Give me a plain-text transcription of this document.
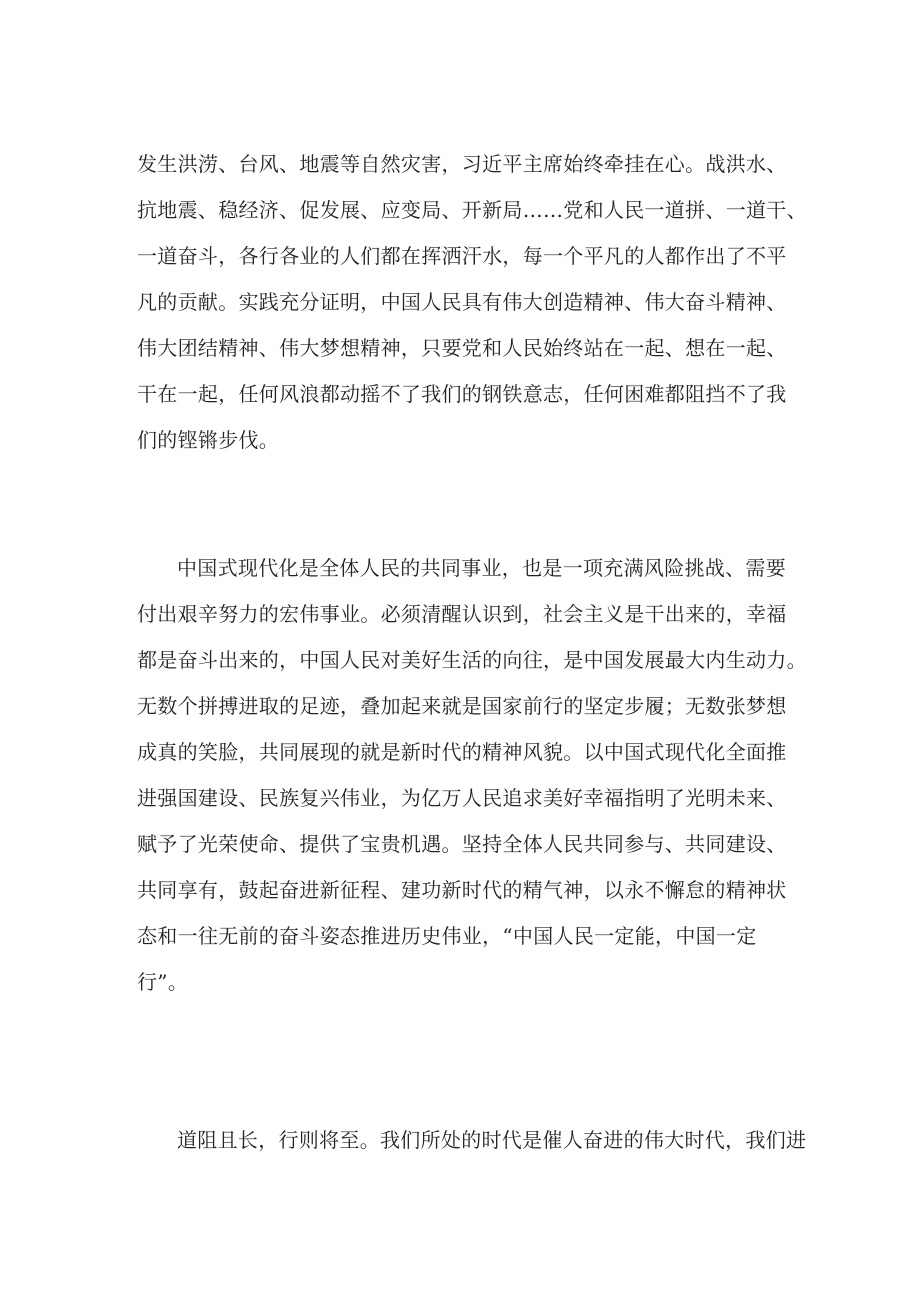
发生洪涝、台风、地震等自然灾害，习近平主席始终牵挂在心。战洪水、
抗地震、稳经济、促发展、应变局、开新局……党和人民一道拼、一道干、
一道奋斗，各行各业的人们都在挥洒汗水，每一个平凡的人都作出了不平
凡的贡献。实践充分证明，中国人民具有伟大创造精神、伟大奋斗精神、
伟大团结精神、伟大梦想精神，只要党和人民始终站在一起、想在一起、
干在一起，任何风浪都动摇不了我们的钢铁意志，任何困难都阻挡不了我
们的铿锵步伐。
中国式现代化是全体人民的共同事业，也是一项充满风险挑战、需要
付出艰辛努力的宏伟事业。必须清醒认识到，社会主义是干出来的，幸福
都是奋斗出来的，中国人民对美好生活的向往，是中国发展最大内生动力。
无数个拼搏进取的足迹，叠加起来就是国家前行的坚定步履；无数张梦想
成真的笑脸，共同展现的就是新时代的精神风貌。以中国式现代化全面推
进强国建设、民族复兴伟业，为亿万人民追求美好幸福指明了光明未来、
赋予了光荣使命、提供了宝贵机遇。坚持全体人民共同参与、共同建设、
共同享有，鼓起奋进新征程、建功新时代的精气神，以永不懈怠的精神状
态和一往无前的奋斗姿态推进历史伟业，“中国人民一定能，中国一定
行”。
道阻且长，行则将至。我们所处的时代是催人奋进的伟大时代，我们进
